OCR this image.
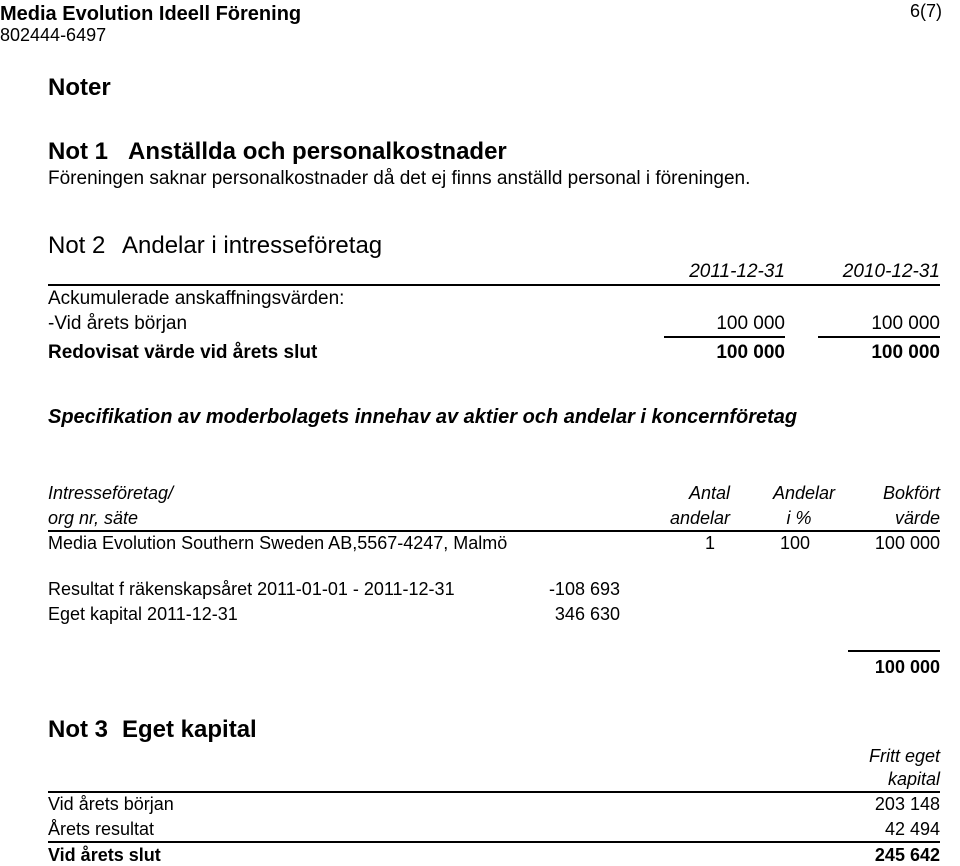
Media Evolution Ideell Förening	6(7)
802444-6497
Noter
Not 1 Anställda och personalkostnader
Föreningen saknar personalkostnader då det ej finns anställd personal i föreningen.
Not 2 Andelar i intresseföretag
2011-12-31	2010-12-31
Ackumulerade anskaffningsvärden:
-Vid årets början	100 000	100 000
Redovisat värde vid årets slut	100 000	100 000
Specifikation av moderbolagets innehav av aktier och andelar i koncernföretag
Intresseföretag/	Antal	Andelar	Bokfört
org nr, säte	andelar	i %	värde
Media Evolution Southern Sweden AB,5567-4247, Malmö	1	100	100 000
Resultat f räkenskapsåret 2011-01-01 - 2011-12-31	-108 693
Eget kapital 2011-12-31	346 630
100 000
Not 3 Eget kapital
Fritt eget
kapital
Vid årets början	203 148
Årets resultat	42 494
Vid årets slut	245 642
